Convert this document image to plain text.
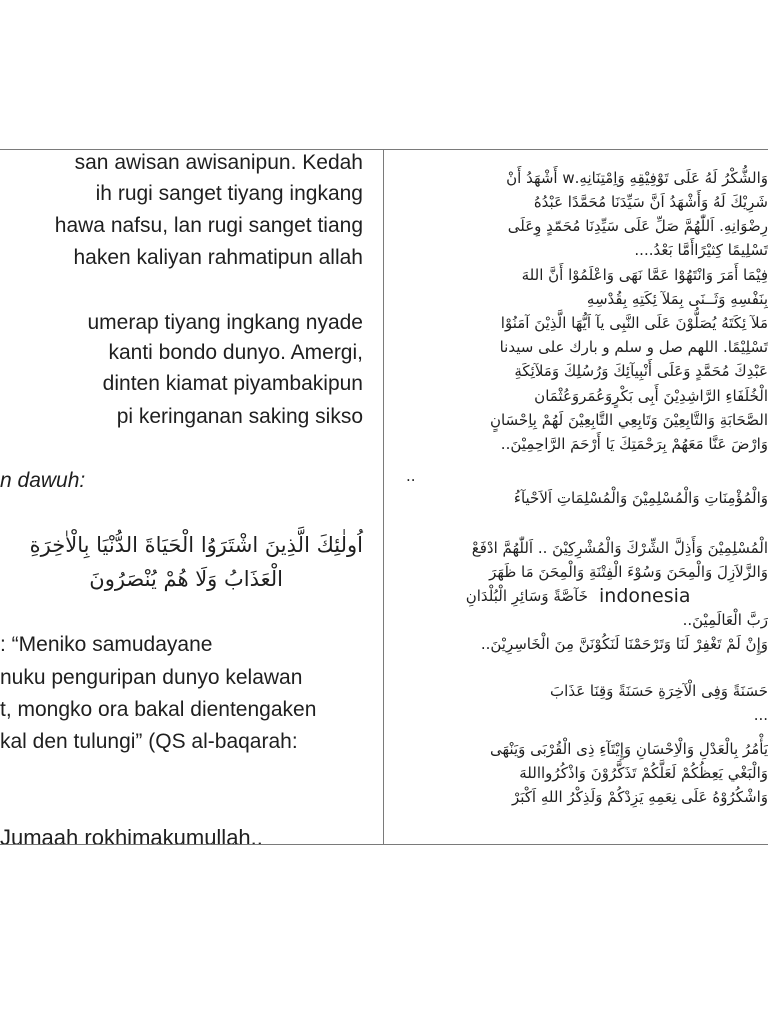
san awisan awisanipun. Kedah
ih rugi sanget tiyang ingkang
hawa nafsu, lan rugi sanget tiang
haken kaliyan rahmatipun allah
umerap tiyang ingkang nyade
kanti bondo dunyo. Amergi,
dinten kiamat piyambakipun
pi keringanan saking sikso
n dawuh:
اُولٰئِكَ الَّذِينَ اشْتَرَوُا الْحَيَاةَ الدُّنْيَا بِالْاٰخِرَةِ
الْعَذَابُ وَلَا هُمْ يُنْصَرُونَ
: “Meniko samudayane
nuku penguripan dunyo kelawan
t, mongko ora bakal dientengaken
kal den tulungi” (QS al-baqarah:
Jumaah rokhimakumullah..
وَالشُّكْرُ لَهُ عَلَى تَوْفِيْقِهِ وَاِمْتِنَانِهِ.w أَشْهَدُ أَنْ
شَرِيْكَ لَهُ وَأَشْهَدُ اَنَّ سَيِّدَنَا مُحَمَّدًا عَبْدُهُ
رِضْوَانِهِ. اَللّٰهُمَّ صَلِّ عَلَى سَيِّدِنَا مُحَمّدٍ وِعَلَى
تَسْلِيمًا كِثيْرًاأَمَّا بَعْدُ....
فِيْمَا أَمَرَ وَانْتَهُوْا عَمَّا نَهَى وَاعْلَمُوْا أَنَّ اللهَ
بِنَفْسِهِ وَثَــنَى بِمَلآ ئِكَتِهِ بِقُدْسِهِ
مَلآ ئِكَتَهُ يُصَلُّوْنَ عَلَى النَّبِى يآ اَيُّهَا الَّذِيْنَ آمَنُوْا
تَسْلِيْمًا. اللهم صل و سلم و بارك على سيدنا
عَبْدِكَ مُحَمَّدٍ وَعَلَى أَنْبِيآئِكَ وَرُسُلِكَ وَمَلآئِكَةِ
الْخُلَفَاءِ الرَّاشِدِيْنَ أَبِى بَكْرٍوَعُمَروَعُثْمَان
الصَّحَابَةِ وَالتَّابِعِيْنَ وَتَابِعِي التَّابِعِيْنَ لَهُمْ بِاِحْسَانٍ
وَارْضَ عَنَّا مَعَهُمْ بِرَحْمَتِكَ يَا أَرْحَمَ الرَّاحِمِيْنَ..
..
وَالْمُؤْمِنَاتِ وَالْمُسْلِمِيْنَ وَالْمُسْلِمَاتِ اَلاَحْيآءُ
الْمُسْلِمِيْنَ وَأَذِلَّ الشِّرْكَ وَالْمُشْرِكِيْنَ .. اَللّٰهُمَّ ادْفَعْ
وَالزَّلاَزِلَ وَالْمِحَنَ وَسُوْءَ الْفِتْنَةِ وَالْمِحَنَ مَا ظَهَرَ
خَآصَّةً وَسَائِرِ الْبُلْدَانِ indonesia
رَبَّ الْعَالَمِيْنَ..
وَإِنْ لَمْ تَغْفِرْ لَنَا وَتَرْحَمْنَا لَنَكُوْنَنَّ مِنَ الْخَاسِرِيْنَ..
حَسَنَةً وَفِى الْآخِرَةِ حَسَنَةً وَقِنَا عَذَابَ
...
يَأْمُرُ بِالْعَدْلِ وَالْاِحْسَانِ وَإِيْتَآءِ ذِى الْقُرْبَى وَيَنْهَى
وَالْبَغْي يَعِظُكُمْ لَعَلَّكُمْ تَذَكَّرُوْنَ وَاذْكُرُوااللهَ
وَاشْكُرُوْهُ عَلَى نِعَمِهِ يَزِدْكُمْ وَلَذِكْرُ اللهِ اَكْبَرْ
